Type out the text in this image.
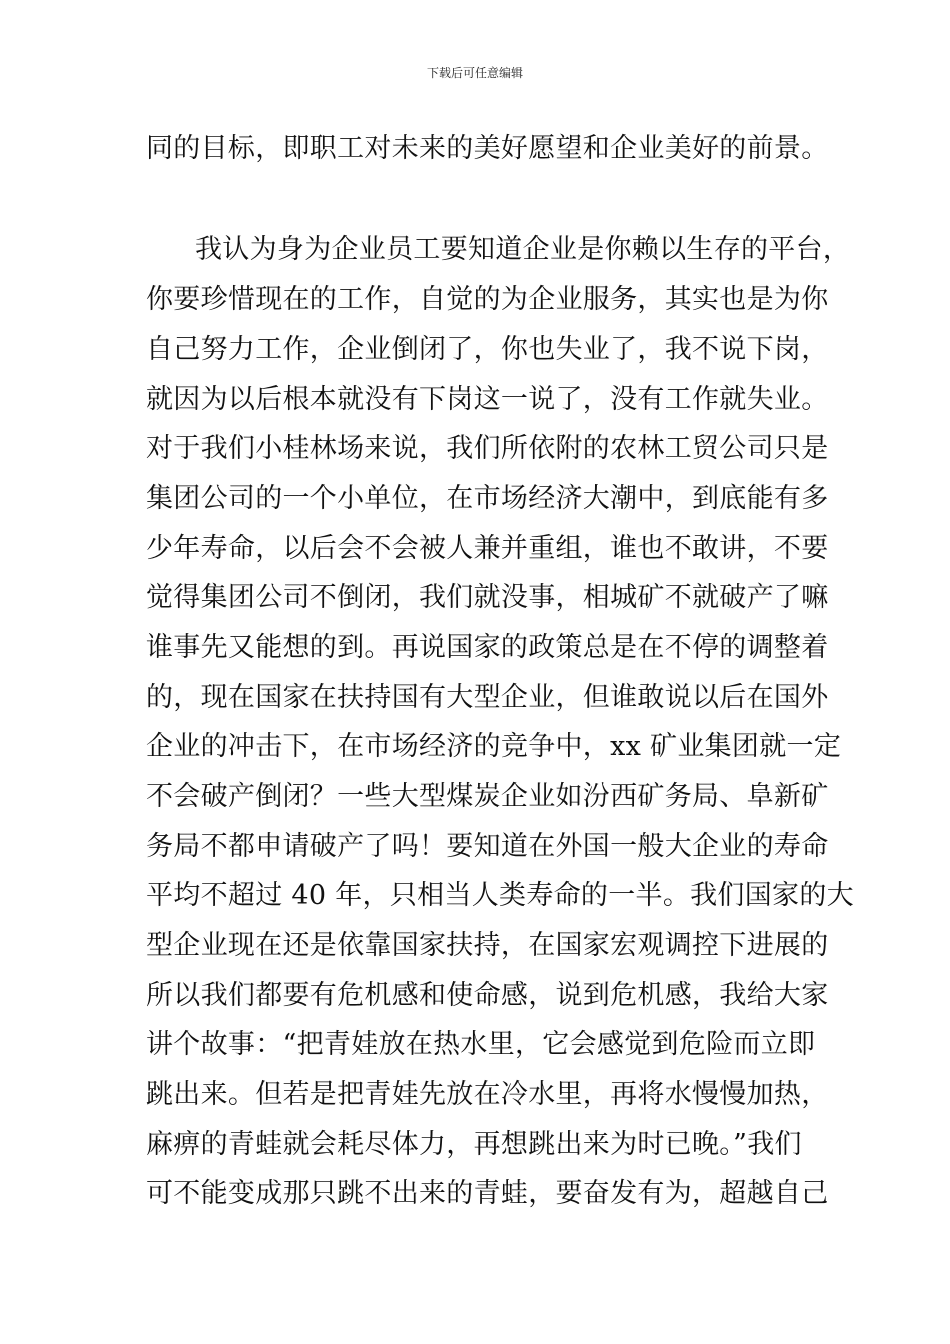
下载后可任意编辑
同的目标，即职工对未来的美好愿望和企业美好的前景。
我认为身为企业员工要知道企业是你赖以生存的平台，
你要珍惜现在的工作，自觉的为企业服务，其实也是为你
自己努力工作，企业倒闭了，你也失业了，我不说下岗，
就因为以后根本就没有下岗这一说了，没有工作就失业。
对于我们小桂林场来说，我们所依附的农林工贸公司只是
集团公司的一个小单位，在市场经济大潮中，到底能有多
少年寿命，以后会不会被人兼并重组，谁也不敢讲，不要
觉得集团公司不倒闭，我们就没事，相城矿不就破产了嘛
谁事先又能想的到。再说国家的政策总是在不停的调整着
的，现在国家在扶持国有大型企业，但谁敢说以后在国外
企业的冲击下，在市场经济的竞争中，xx 矿业集团就一定
不会破产倒闭？一些大型煤炭企业如汾西矿务局、阜新矿
务局不都申请破产了吗！要知道在外国一般大企业的寿命
平均不超过 40 年，只相当人类寿命的一半。我们国家的大
型企业现在还是依靠国家扶持，在国家宏观调控下进展的
所以我们都要有危机感和使命感，说到危机感，我给大家
讲个故事：“把青娃放在热水里，它会感觉到危险而立即
跳出来。但若是把青娃先放在冷水里，再将水慢慢加热，
麻痹的青蛙就会耗尽体力，再想跳出来为时已晚。”我们
可不能变成那只跳不出来的青蛙，要奋发有为，超越自己
